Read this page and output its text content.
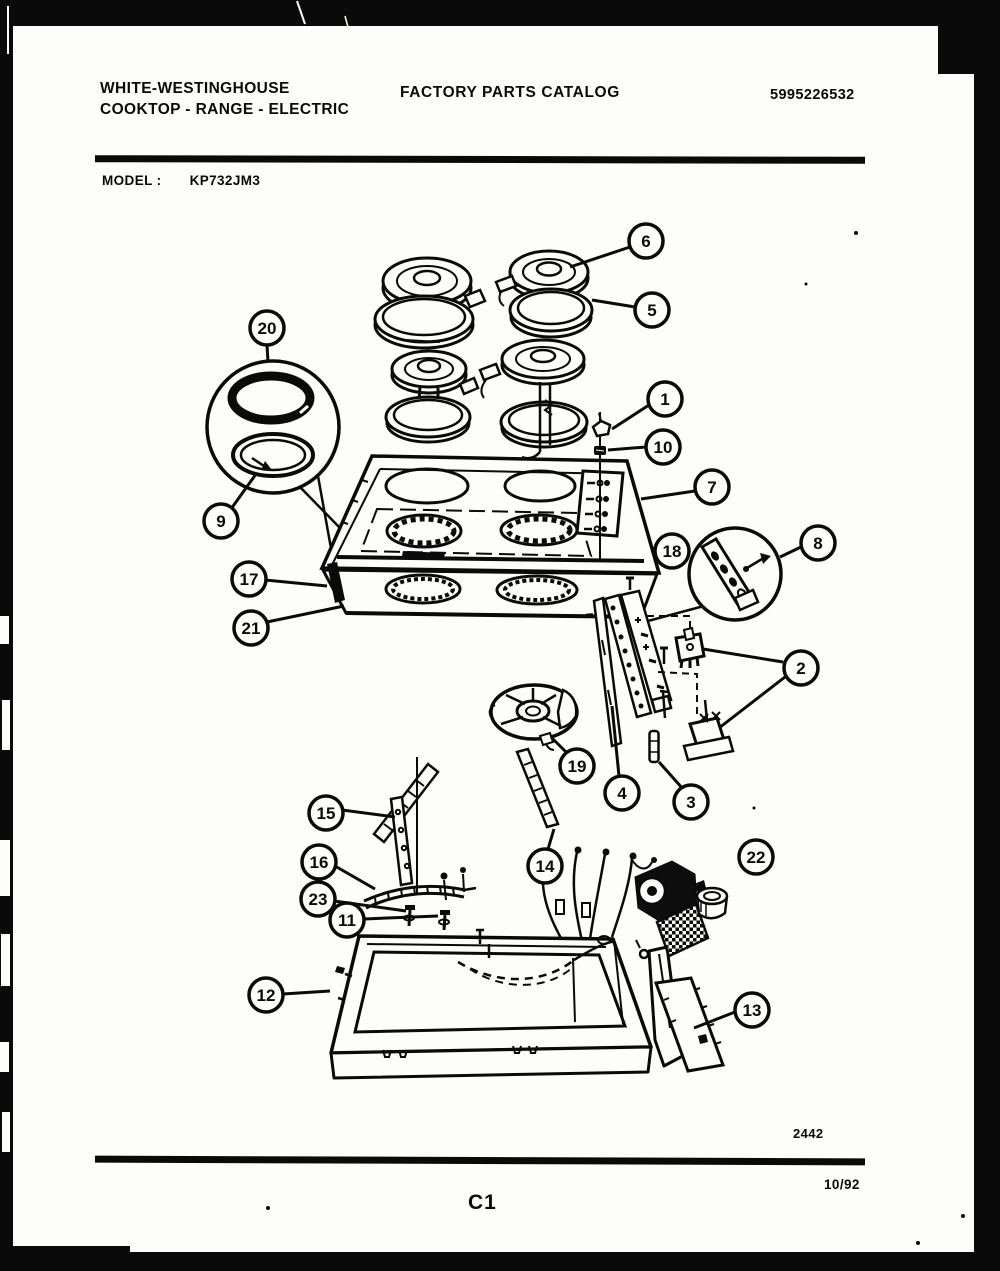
WHITE-WESTINGHOUSE
COOKTOP - RANGE - ELECTRIC
FACTORY PARTS CATALOG	5995226532
MODEL : KP732JM3
1
2
3
4
5
6
7
8
9
10
11
12
13
14
15
16
17
18
19
20
21
22
23
2442
10/92
C1
